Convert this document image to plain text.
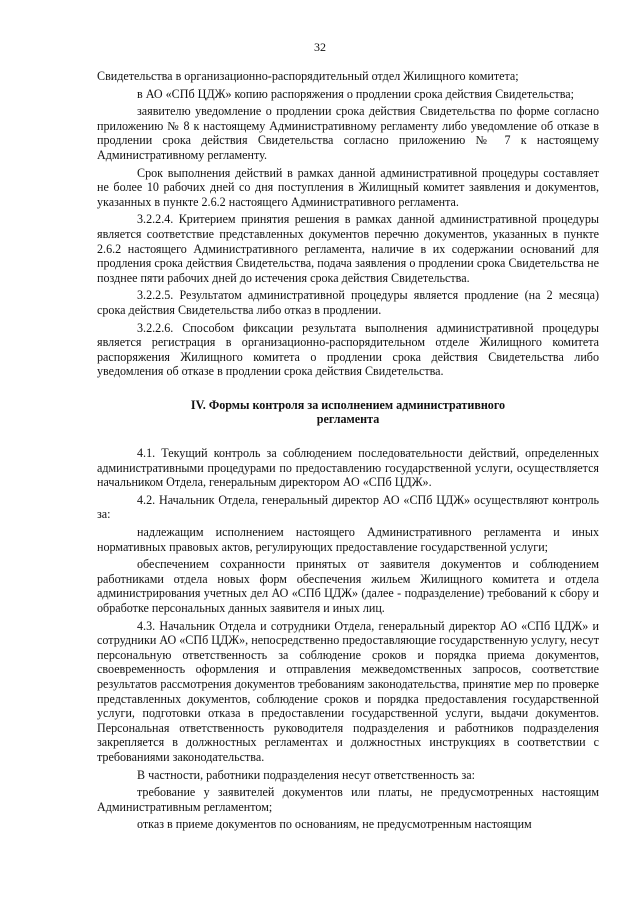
32

Свидетельства в организационно-распорядительный отдел Жилищного комитета;

в АО «СПб ЦДЖ» копию распоряжения о продлении срока действия Свидетельства;

заявителю уведомление о продлении срока действия Свидетельства по форме согласно приложению № 8 к настоящему Административному регламенту либо уведомление об отказе в продлении срока действия Свидетельства согласно приложению № 7 к настоящему Административному регламенту.

Срок выполнения действий в рамках данной административной процедуры составляет не более 10 рабочих дней со дня поступления в Жилищный комитет заявления и документов, указанных в пункте 2.6.2 настоящего Административного регламента.

3.2.2.4. Критерием принятия решения в рамках данной административной процедуры является соответствие представленных документов перечню документов, указанных в пункте 2.6.2 настоящего Административного регламента, наличие в их содержании оснований для продления срока действия Свидетельства, подача заявления о продлении срока Свидетельства не позднее пяти рабочих дней до истечения срока действия Свидетельства.

3.2.2.5. Результатом административной процедуры является продление (на 2 месяца) срока действия Свидетельства либо отказ в продлении.

3.2.2.6. Способом фиксации результата выполнения административной процедуры является регистрация в организационно-распорядительном отделе Жилищного комитета распоряжения Жилищного комитета о продлении срока действия Свидетельства либо уведомления об отказе в продлении срока действия Свидетельства.

IV. Формы контроля за исполнением административного регламента

4.1. Текущий контроль за соблюдением последовательности действий, определенных административными процедурами по предоставлению государственной услуги, осуществляется начальником Отдела, генеральным директором АО «СПб ЦДЖ».

4.2. Начальник Отдела, генеральный директор АО «СПб ЦДЖ» осуществляют контроль за:

надлежащим исполнением настоящего Административного регламента и иных нормативных правовых актов, регулирующих предоставление государственной услуги;

обеспечением сохранности принятых от заявителя документов и соблюдением работниками отдела новых форм обеспечения жильем Жилищного комитета и отдела администрирования учетных дел АО «СПб ЦДЖ» (далее - подразделение) требований к сбору и обработке персональных данных заявителя и иных лиц.

4.3. Начальник Отдела и сотрудники Отдела, генеральный директор АО «СПб ЦДЖ» и сотрудники АО «СПб ЦДЖ», непосредственно предоставляющие государственную услугу, несут персональную ответственность за соблюдение сроков и порядка приема документов, своевременность оформления и отправления межведомственных запросов, соответствие результатов рассмотрения документов требованиям законодательства, принятие мер по проверке представленных документов, соблюдение сроков и порядка предоставления государственной услуги, подготовки отказа в предоставлении государственной услуги, выдачи документов. Персональная ответственность руководителя подразделения и работников подразделения закрепляется в должностных регламентах и должностных инструкциях в соответствии с требованиями законодательства.

В частности, работники подразделения несут ответственность за:

требование у заявителей документов или платы, не предусмотренных настоящим Административным регламентом;

отказ в приеме документов по основаниям, не предусмотренным настоящим
